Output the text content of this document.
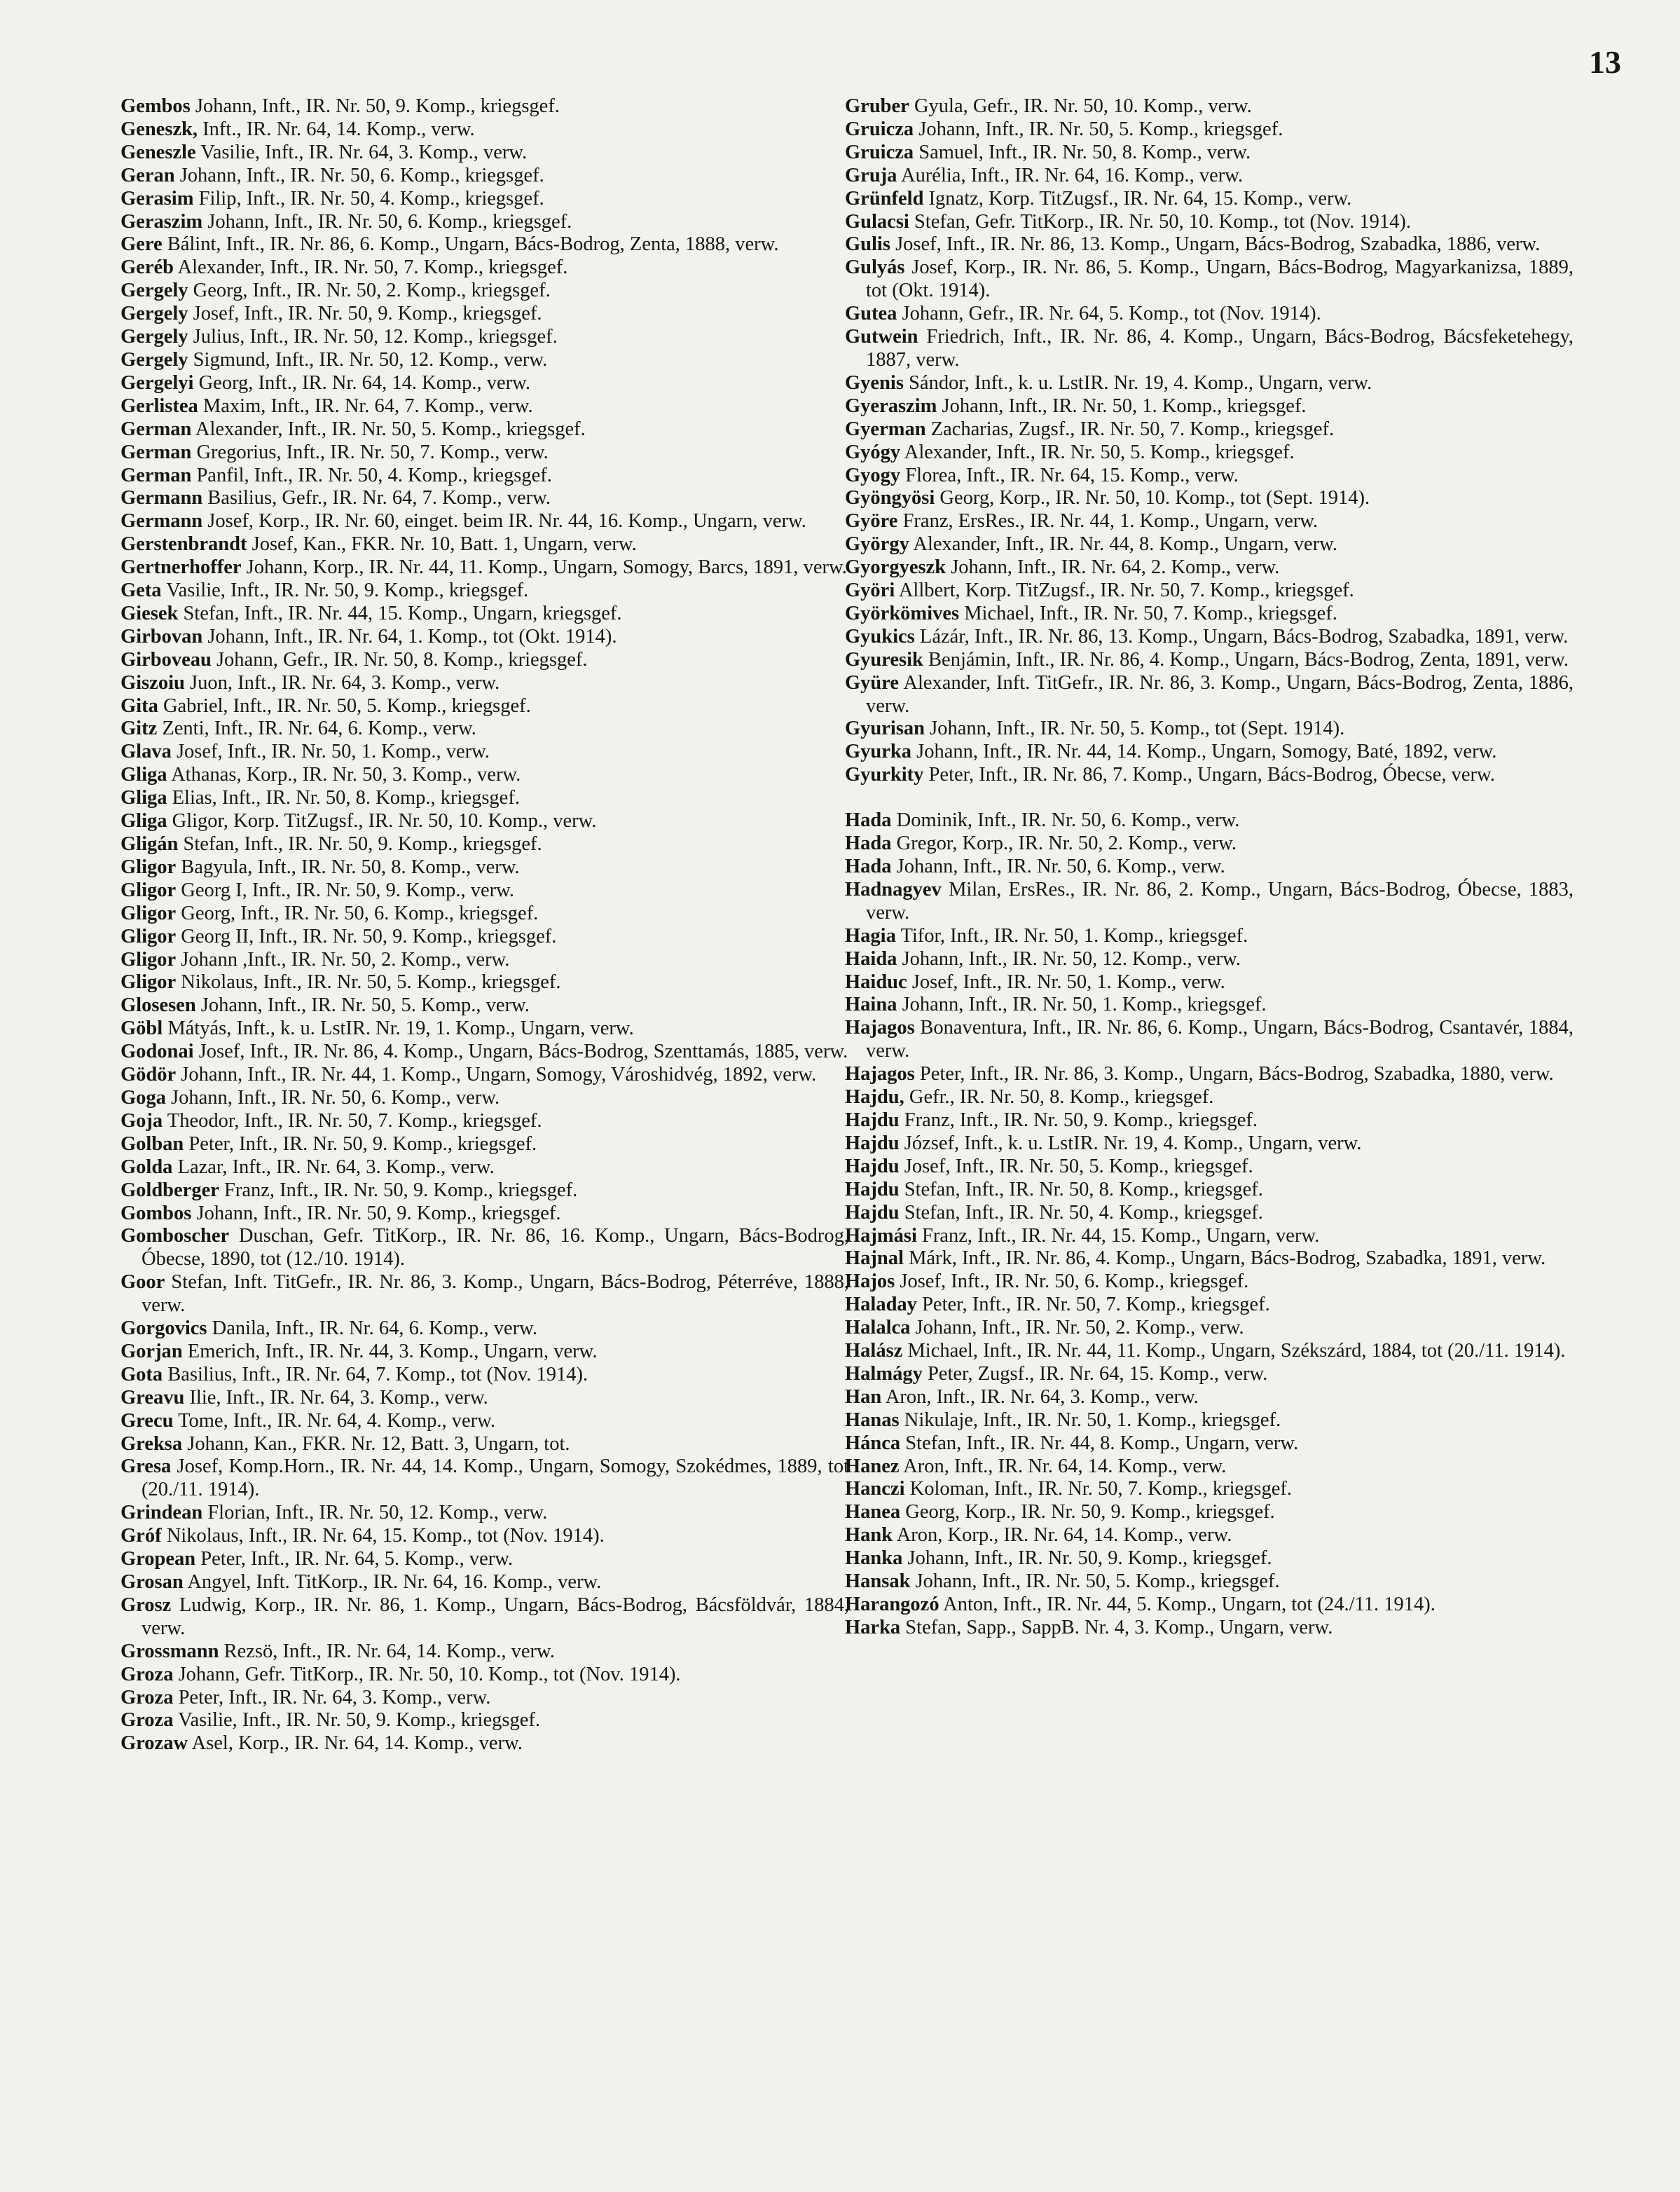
13

Gembos Johann, Inft., IR. Nr. 50, 9. Komp., kriegsgef.

Geneszk, Inft., IR. Nr. 64, 14. Komp., verw.

Geneszle Vasilie, Inft., IR. Nr. 64, 3. Komp., verw.

Geran Johann, Inft., IR. Nr. 50, 6. Komp., kriegsgef.

Gerasim Filip, Inft., IR. Nr. 50, 4. Komp., kriegsgef.

Geraszim Johann, Inft., IR. Nr. 50, 6. Komp., kriegsgef.

Gere Bálint, Inft., IR. Nr. 86, 6. Komp., Ungarn, Bács-Bodrog, Zenta, 1888, verw.

Geréb Alexander, Inft., IR. Nr. 50, 7. Komp., kriegsgef.

Gergely Georg, Inft., IR. Nr. 50, 2. Komp., kriegsgef.

Gergely Josef, Inft., IR. Nr. 50, 9. Komp., kriegsgef.

Gergely Julius, Inft., IR. Nr. 50, 12. Komp., kriegsgef.

Gergely Sigmund, Inft., IR. Nr. 50, 12. Komp., verw.

Gergelyi Georg, Inft., IR. Nr. 64, 14. Komp., verw.

Gerlistea Maxim, Inft., IR. Nr. 64, 7. Komp., verw.

German Alexander, Inft., IR. Nr. 50, 5. Komp., kriegsgef.

German Gregorius, Inft., IR. Nr. 50, 7. Komp., verw.

German Panfil, Inft., IR. Nr. 50, 4. Komp., kriegsgef.

Germann Basilius, Gefr., IR. Nr. 64, 7. Komp., verw.

Germann Josef, Korp., IR. Nr. 60, einget. beim IR. Nr. 44, 16. Komp., Ungarn, verw.

Gerstenbrandt Josef, Kan., FKR. Nr. 10, Batt. 1, Ungarn, verw.

Gertnerhoffer Johann, Korp., IR. Nr. 44, 11. Komp., Ungarn, Somogy, Barcs, 1891, verw.

Geta Vasilie, Inft., IR. Nr. 50, 9. Komp., kriegsgef.

Giesek Stefan, Inft., IR. Nr. 44, 15. Komp., Ungarn, kriegsgef.

Girbovan Johann, Inft., IR. Nr. 64, 1. Komp., tot (Okt. 1914).

Girboveau Johann, Gefr., IR. Nr. 50, 8. Komp., kriegsgef.

Giszoiu Juon, Inft., IR. Nr. 64, 3. Komp., verw.

Gita Gabriel, Inft., IR. Nr. 50, 5. Komp., kriegsgef.

Gitz Zenti, Inft., IR. Nr. 64, 6. Komp., verw.

Glava Josef, Inft., IR. Nr. 50, 1. Komp., verw.

Gliga Athanas, Korp., IR. Nr. 50, 3. Komp., verw.

Gliga Elias, Inft., IR. Nr. 50, 8. Komp., kriegsgef.

Gliga Gligor, Korp. TitZugsf., IR. Nr. 50, 10. Komp., verw.

Gligán Stefan, Inft., IR. Nr. 50, 9. Komp., kriegsgef.

Gligor Bagyula, Inft., IR. Nr. 50, 8. Komp., verw.

Gligor Georg I, Inft., IR. Nr. 50, 9. Komp., verw.

Gligor Georg, Inft., IR. Nr. 50, 6. Komp., kriegsgef.

Gligor Georg II, Inft., IR. Nr. 50, 9. Komp., kriegsgef.

Gligor Johann ,Inft., IR. Nr. 50, 2. Komp., verw.

Gligor Nikolaus, Inft., IR. Nr. 50, 5. Komp., kriegsgef.

Glosesen Johann, Inft., IR. Nr. 50, 5. Komp., verw.

Göbl Mátyás, Inft., k. u. LstIR. Nr. 19, 1. Komp., Ungarn, verw.

Godonai Josef, Inft., IR. Nr. 86, 4. Komp., Ungarn, Bács-Bodrog, Szenttamás, 1885, verw.

Gödör Johann, Inft., IR. Nr. 44, 1. Komp., Ungarn, Somogy, Városhidvég, 1892, verw.

Goga Johann, Inft., IR. Nr. 50, 6. Komp., verw.

Goja Theodor, Inft., IR. Nr. 50, 7. Komp., kriegsgef.

Golban Peter, Inft., IR. Nr. 50, 9. Komp., kriegsgef.

Golda Lazar, Inft., IR. Nr. 64, 3. Komp., verw.

Goldberger Franz, Inft., IR. Nr. 50, 9. Komp., kriegsgef.

Gombos Johann, Inft., IR. Nr. 50, 9. Komp., kriegsgef.

Gomboscher Duschan, Gefr. TitKorp., IR. Nr. 86, 16. Komp., Ungarn, Bács-Bodrog, Óbecse, 1890, tot (12./10. 1914).

Goor Stefan, Inft. TitGefr., IR. Nr. 86, 3. Komp., Ungarn, Bács-Bodrog, Péterréve, 1888, verw.

Gorgovics Danila, Inft., IR. Nr. 64, 6. Komp., verw.

Gorjan Emerich, Inft., IR. Nr. 44, 3. Komp., Ungarn, verw.

Gota Basilius, Inft., IR. Nr. 64, 7. Komp., tot (Nov. 1914).

Greavu Ilie, Inft., IR. Nr. 64, 3. Komp., verw.

Grecu Tome, Inft., IR. Nr. 64, 4. Komp., verw.

Greksa Johann, Kan., FKR. Nr. 12, Batt. 3, Ungarn, tot.

Gresa Josef, Komp.Horn., IR. Nr. 44, 14. Komp., Ungarn, Somogy, Szokédmes, 1889, tot (20./11. 1914).

Grindean Florian, Inft., IR. Nr. 50, 12. Komp., verw.

Gróf Nikolaus, Inft., IR. Nr. 64, 15. Komp., tot (Nov. 1914).

Gropean Peter, Inft., IR. Nr. 64, 5. Komp., verw.

Grosan Angyel, Inft. TitKorp., IR. Nr. 64, 16. Komp., verw.

Grosz Ludwig, Korp., IR. Nr. 86, 1. Komp., Ungarn, Bács-Bodrog, Bácsföldvár, 1884, verw.

Grossmann Rezsö, Inft., IR. Nr. 64, 14. Komp., verw.

Groza Johann, Gefr. TitKorp., IR. Nr. 50, 10. Komp., tot (Nov. 1914).

Groza Peter, Inft., IR. Nr. 64, 3. Komp., verw.

Groza Vasilie, Inft., IR. Nr. 50, 9. Komp., kriegsgef.

Grozaw Asel, Korp., IR. Nr. 64, 14. Komp., verw.

Gruber Gyula, Gefr., IR. Nr. 50, 10. Komp., verw.

Gruicza Johann, Inft., IR. Nr. 50, 5. Komp., kriegsgef.

Gruicza Samuel, Inft., IR. Nr. 50, 8. Komp., verw.

Gruja Aurélia, Inft., IR. Nr. 64, 16. Komp., verw.

Grünfeld Ignatz, Korp. TitZugsf., IR. Nr. 64, 15. Komp., verw.

Gulacsi Stefan, Gefr. TitKorp., IR. Nr. 50, 10. Komp., tot (Nov. 1914).

Gulis Josef, Inft., IR. Nr. 86, 13. Komp., Ungarn, Bács-Bodrog, Szabadka, 1886, verw.

Gulyás Josef, Korp., IR. Nr. 86, 5. Komp., Ungarn, Bács-Bodrog, Magyarkanizsa, 1889, tot (Okt. 1914).

Gutea Johann, Gefr., IR. Nr. 64, 5. Komp., tot (Nov. 1914).

Gutwein Friedrich, Inft., IR. Nr. 86, 4. Komp., Ungarn, Bács-Bodrog, Bácsfeketehegy, 1887, verw.

Gyenis Sándor, Inft., k. u. LstIR. Nr. 19, 4. Komp., Ungarn, verw.

Gyeraszim Johann, Inft., IR. Nr. 50, 1. Komp., kriegsgef.

Gyerman Zacharias, Zugsf., IR. Nr. 50, 7. Komp., kriegsgef.

Gyógy Alexander, Inft., IR. Nr. 50, 5. Komp., kriegsgef.

Gyogy Florea, Inft., IR. Nr. 64, 15. Komp., verw.

Gyöngyösi Georg, Korp., IR. Nr. 50, 10. Komp., tot (Sept. 1914).

Györe Franz, ErsRes., IR. Nr. 44, 1. Komp., Ungarn, verw.

György Alexander, Inft., IR. Nr. 44, 8. Komp., Ungarn, verw.

Gyorgyeszk Johann, Inft., IR. Nr. 64, 2. Komp., verw.

Györi Allbert, Korp. TitZugsf., IR. Nr. 50, 7. Komp., kriegsgef.

Györkömives Michael, Inft., IR. Nr. 50, 7. Komp., kriegsgef.

Gyukics Lázár, Inft., IR. Nr. 86, 13. Komp., Ungarn, Bács-Bodrog, Szabadka, 1891, verw.

Gyuresik Benjámin, Inft., IR. Nr. 86, 4. Komp., Ungarn, Bács-Bodrog, Zenta, 1891, verw.

Gyüre Alexander, Inft. TitGefr., IR. Nr. 86, 3. Komp., Ungarn, Bács-Bodrog, Zenta, 1886, verw.

Gyurisan Johann, Inft., IR. Nr. 50, 5. Komp., tot (Sept. 1914).

Gyurka Johann, Inft., IR. Nr. 44, 14. Komp., Ungarn, Somogy, Baté, 1892, verw.

Gyurkity Peter, Inft., IR. Nr. 86, 7. Komp., Ungarn, Bács-Bodrog, Óbecse, verw.

Hada Dominik, Inft., IR. Nr. 50, 6. Komp., verw.

Hada Gregor, Korp., IR. Nr. 50, 2. Komp., verw.

Hada Johann, Inft., IR. Nr. 50, 6. Komp., verw.

Hadnagyev Milan, ErsRes., IR. Nr. 86, 2. Komp., Ungarn, Bács-Bodrog, Óbecse, 1883, verw.

Hagia Tifor, Inft., IR. Nr. 50, 1. Komp., kriegsgef.

Haida Johann, Inft., IR. Nr. 50, 12. Komp., verw.

Haiduc Josef, Inft., IR. Nr. 50, 1. Komp., verw.

Haina Johann, Inft., IR. Nr. 50, 1. Komp., kriegsgef.

Hajagos Bonaventura, Inft., IR. Nr. 86, 6. Komp., Ungarn, Bács-Bodrog, Csantavér, 1884, verw.

Hajagos Peter, Inft., IR. Nr. 86, 3. Komp., Ungarn, Bács-Bodrog, Szabadka, 1880, verw.

Hajdu, Gefr., IR. Nr. 50, 8. Komp., kriegsgef.

Hajdu Franz, Inft., IR. Nr. 50, 9. Komp., kriegsgef.

Hajdu József, Inft., k. u. LstIR. Nr. 19, 4. Komp., Ungarn, verw.

Hajdu Josef, Inft., IR. Nr. 50, 5. Komp., kriegsgef.

Hajdu Stefan, Inft., IR. Nr. 50, 8. Komp., kriegsgef.

Hajdu Stefan, Inft., IR. Nr. 50, 4. Komp., kriegsgef.

Hajmási Franz, Inft., IR. Nr. 44, 15. Komp., Ungarn, verw.

Hajnal Márk, Inft., IR. Nr. 86, 4. Komp., Ungarn, Bács-Bodrog, Szabadka, 1891, verw.

Hajos Josef, Inft., IR. Nr. 50, 6. Komp., kriegsgef.

Haladay Peter, Inft., IR. Nr. 50, 7. Komp., kriegsgef.

Halalca Johann, Inft., IR. Nr. 50, 2. Komp., verw.

Halász Michael, Inft., IR. Nr. 44, 11. Komp., Ungarn, Székszárd, 1884, tot (20./11. 1914).

Halmágy Peter, Zugsf., IR. Nr. 64, 15. Komp., verw.

Han Aron, Inft., IR. Nr. 64, 3. Komp., verw.

Hanas Nikulaje, Inft., IR. Nr. 50, 1. Komp., kriegsgef.

Hánca Stefan, Inft., IR. Nr. 44, 8. Komp., Ungarn, verw.

Hanez Aron, Inft., IR. Nr. 64, 14. Komp., verw.

Hanczi Koloman, Inft., IR. Nr. 50, 7. Komp., kriegsgef.

Hanea Georg, Korp., IR. Nr. 50, 9. Komp., kriegsgef.

Hank Aron, Korp., IR. Nr. 64, 14. Komp., verw.

Hanka Johann, Inft., IR. Nr. 50, 9. Komp., kriegsgef.

Hansak Johann, Inft., IR. Nr. 50, 5. Komp., kriegsgef.

Harangozó Anton, Inft., IR. Nr. 44, 5. Komp., Ungarn, tot (24./11. 1914).

Harka Stefan, Sapp., SappB. Nr. 4, 3. Komp., Ungarn, verw.
